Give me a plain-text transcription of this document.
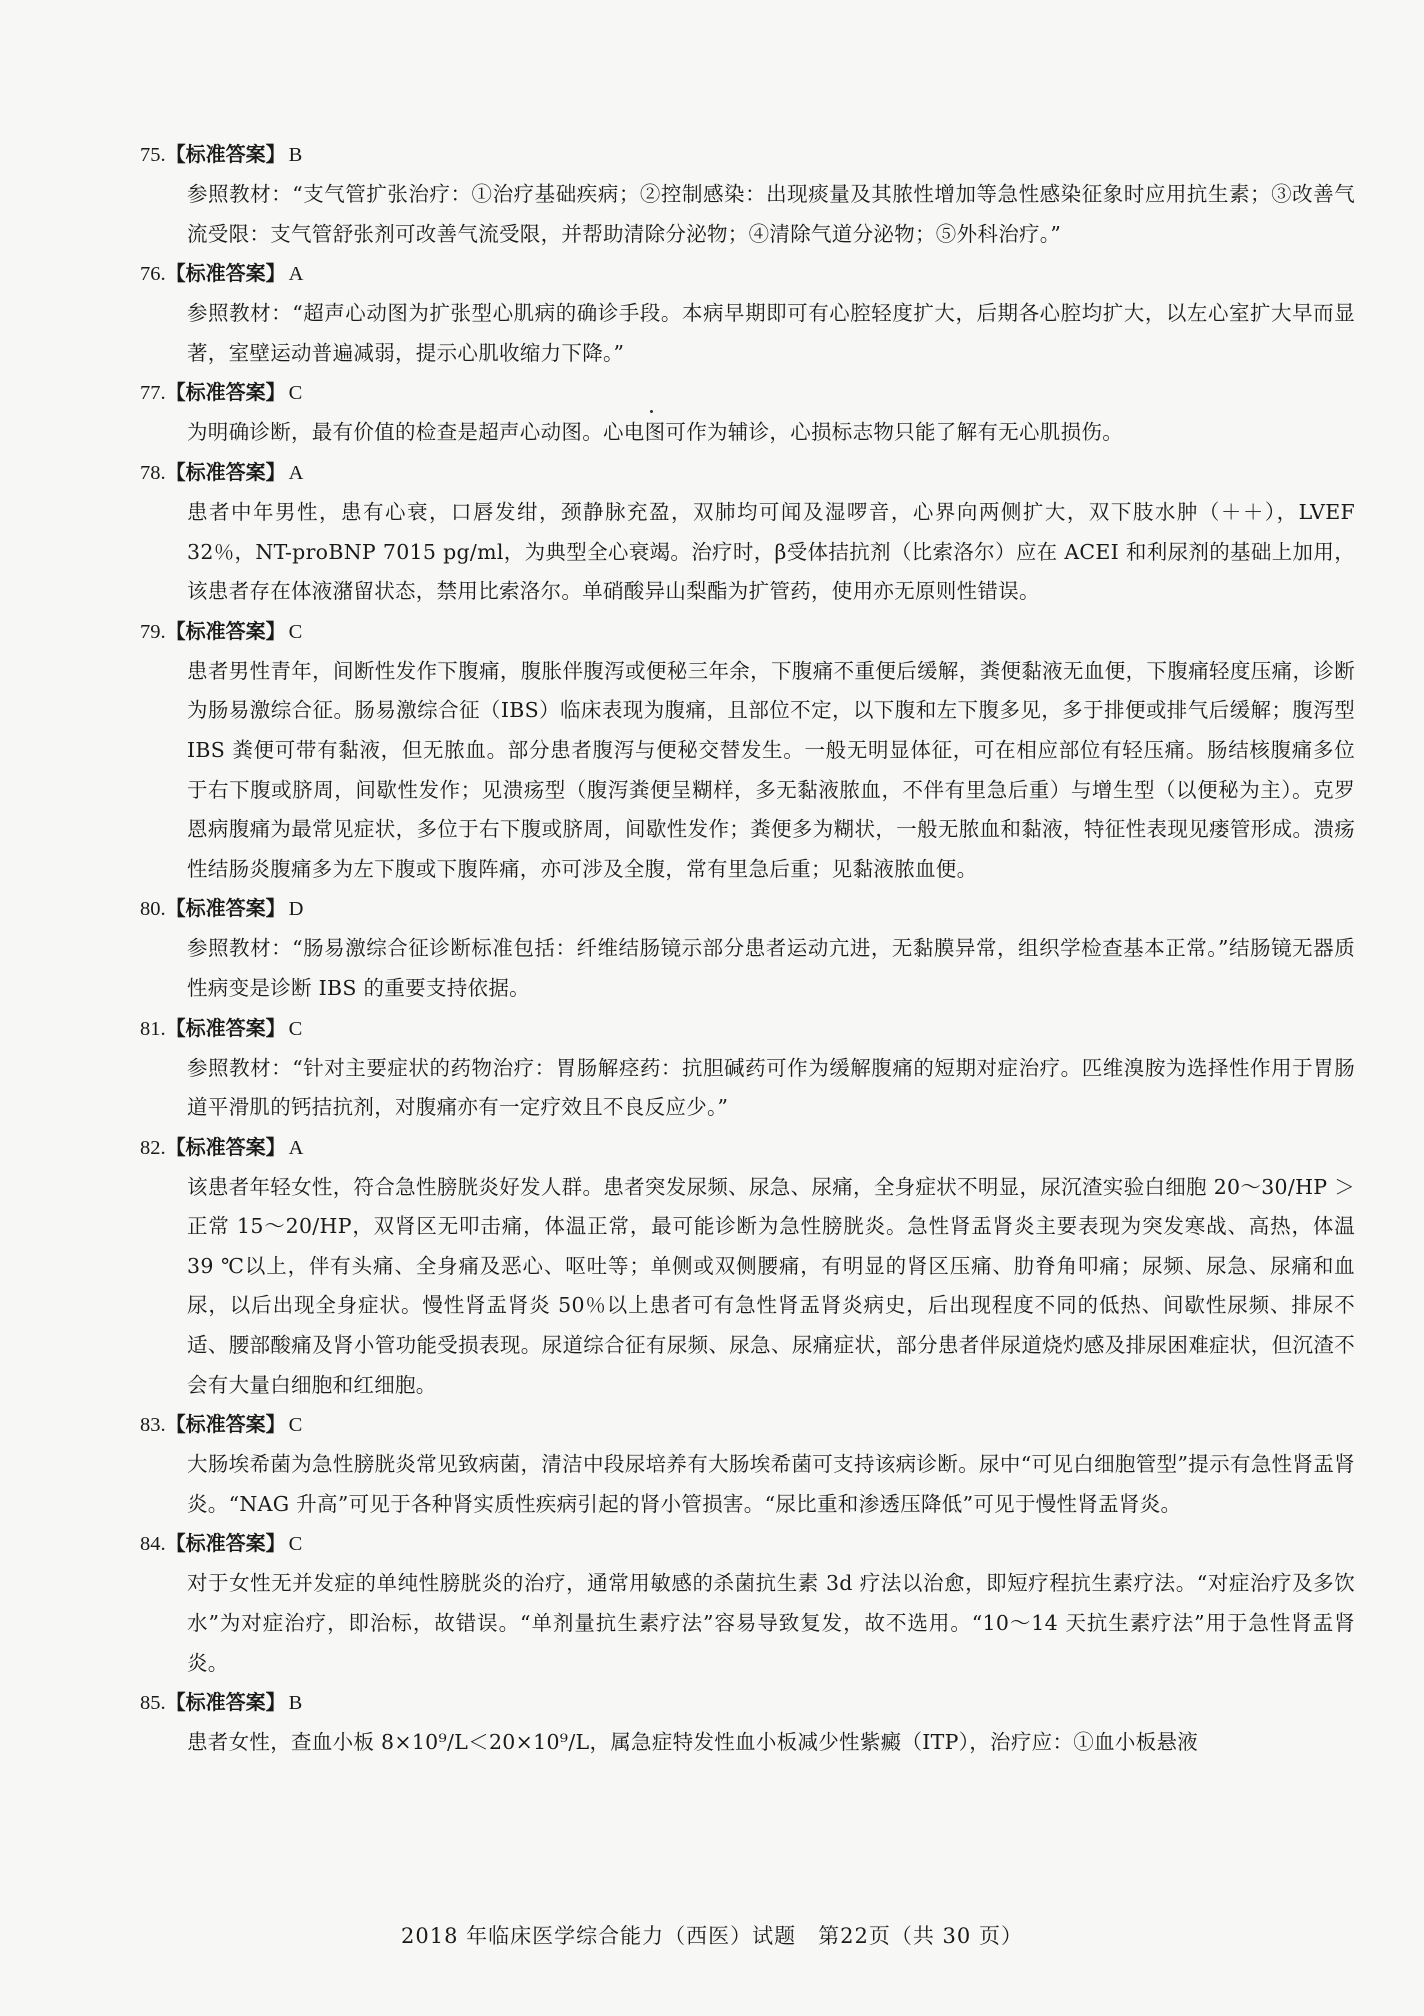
75.【标准答案】 B

参照教材：“支气管扩张治疗：①治疗基础疾病；②控制感染：出现痰量及其脓性增加等急性感染征象时应用抗生素；③改善气流受限：支气管舒张剂可改善气流受限，并帮助清除分泌物；④清除气道分泌物；⑤外科治疗。”

76.【标准答案】 A

参照教材：“超声心动图为扩张型心肌病的确诊手段。本病早期即可有心腔轻度扩大，后期各心腔均扩大，以左心室扩大早而显著，室壁运动普遍减弱，提示心肌收缩力下降。”

77.【标准答案】 C

为明确诊断，最有价值的检查是超声心动图。心电图可作为辅诊，心损标志物只能了解有无心肌损伤。

78.【标准答案】 A

患者中年男性，患有心衰，口唇发绀，颈静脉充盈，双肺均可闻及湿啰音，心界向两侧扩大，双下肢水肿（＋＋），LVEF 32％，NT-proBNP 7015 pg/ml，为典型全心衰竭。治疗时，β受体拮抗剂（比索洛尔）应在 ACEI 和利尿剂的基础上加用，该患者存在体液潴留状态，禁用比索洛尔。单硝酸异山梨酯为扩管药，使用亦无原则性错误。

79.【标准答案】 C

患者男性青年，间断性发作下腹痛，腹胀伴腹泻或便秘三年余，下腹痛不重便后缓解，粪便黏液无血便，下腹痛轻度压痛，诊断为肠易激综合征。肠易激综合征（IBS）临床表现为腹痛，且部位不定，以下腹和左下腹多见，多于排便或排气后缓解；腹泻型 IBS 粪便可带有黏液，但无脓血。部分患者腹泻与便秘交替发生。一般无明显体征，可在相应部位有轻压痛。肠结核腹痛多位于右下腹或脐周，间歇性发作；见溃疡型（腹泻粪便呈糊样，多无黏液脓血，不伴有里急后重）与增生型（以便秘为主）。克罗恩病腹痛为最常见症状，多位于右下腹或脐周，间歇性发作；粪便多为糊状，一般无脓血和黏液，特征性表现见瘘管形成。溃疡性结肠炎腹痛多为左下腹或下腹阵痛，亦可涉及全腹，常有里急后重；见黏液脓血便。

80.【标准答案】 D

参照教材：“肠易激综合征诊断标准包括：纤维结肠镜示部分患者运动亢进，无黏膜异常，组织学检查基本正常。”结肠镜无器质性病变是诊断 IBS 的重要支持依据。

81.【标准答案】 C

参照教材：“针对主要症状的药物治疗：胃肠解痉药：抗胆碱药可作为缓解腹痛的短期对症治疗。匹维溴胺为选择性作用于胃肠道平滑肌的钙拮抗剂，对腹痛亦有一定疗效且不良反应少。”

82.【标准答案】 A

该患者年轻女性，符合急性膀胱炎好发人群。患者突发尿频、尿急、尿痛，全身症状不明显，尿沉渣实验白细胞 20～30/HP ＞正常 15～20/HP，双肾区无叩击痛，体温正常，最可能诊断为急性膀胱炎。急性肾盂肾炎主要表现为突发寒战、高热，体温 39 ℃以上，伴有头痛、全身痛及恶心、呕吐等；单侧或双侧腰痛，有明显的肾区压痛、肋脊角叩痛；尿频、尿急、尿痛和血尿，以后出现全身症状。慢性肾盂肾炎 50％以上患者可有急性肾盂肾炎病史，后出现程度不同的低热、间歇性尿频、排尿不适、腰部酸痛及肾小管功能受损表现。尿道综合征有尿频、尿急、尿痛症状，部分患者伴尿道烧灼感及排尿困难症状，但沉渣不会有大量白细胞和红细胞。

83.【标准答案】 C

大肠埃希菌为急性膀胱炎常见致病菌，清洁中段尿培养有大肠埃希菌可支持该病诊断。尿中“可见白细胞管型”提示有急性肾盂肾炎。“NAG 升高”可见于各种肾实质性疾病引起的肾小管损害。“尿比重和渗透压降低”可见于慢性肾盂肾炎。

84.【标准答案】 C

对于女性无并发症的单纯性膀胱炎的治疗，通常用敏感的杀菌抗生素 3d 疗法以治愈，即短疗程抗生素疗法。“对症治疗及多饮水”为对症治疗，即治标，故错误。“单剂量抗生素疗法”容易导致复发，故不选用。“10～14 天抗生素疗法”用于急性肾盂肾炎。

85.【标准答案】 B

患者女性，查血小板 8×10⁹/L＜20×10⁹/L，属急症特发性血小板减少性紫癜（ITP），治疗应：①血小板悬液

2018 年临床医学综合能力（西医）试题　第22页（共 30 页）
